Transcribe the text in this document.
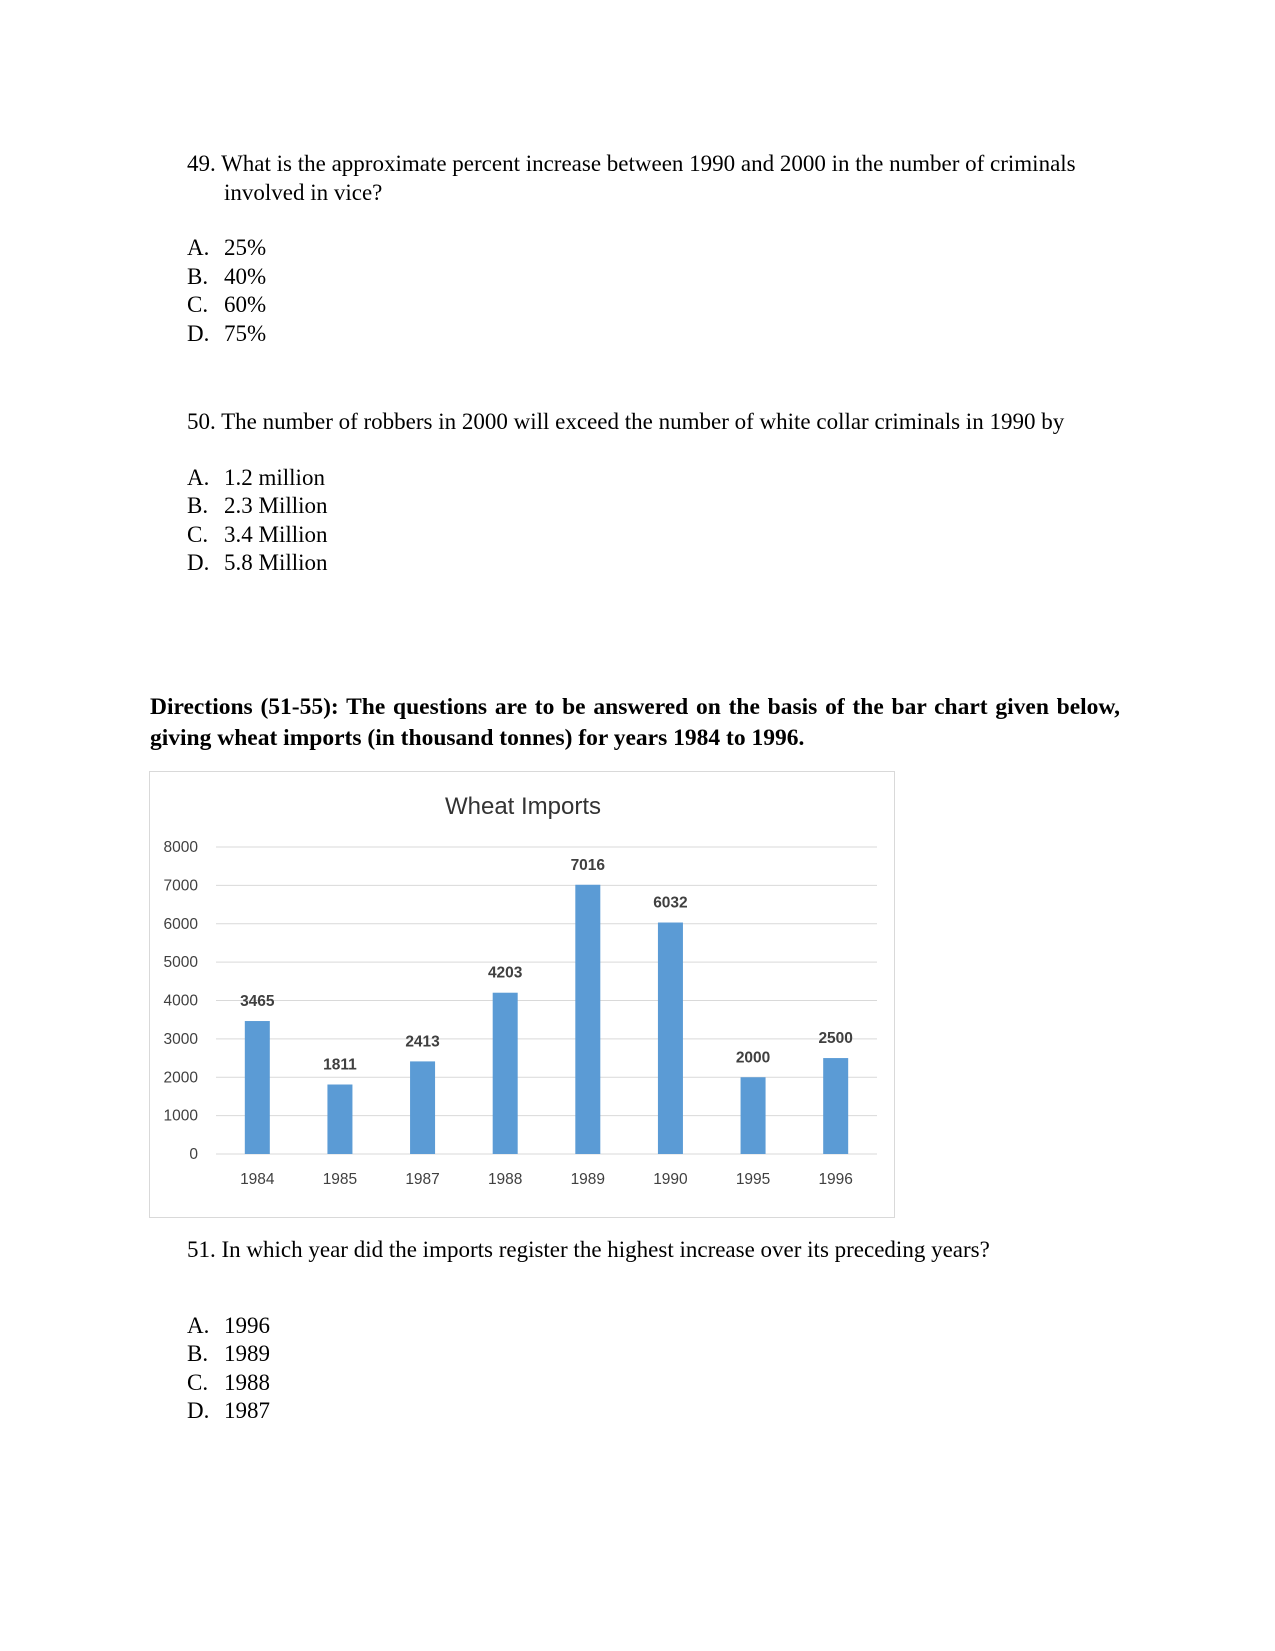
49. What is the approximate percent increase between 1990 and 2000 in the number of criminals involved in vice?
A. 25%
B. 40%
C. 60%
D. 75%
50. The number of robbers in 2000 will exceed the number of white collar criminals in 1990 by
A. 1.2 million
B. 2.3 Million
C. 3.4 Million
D. 5.8 Million
Directions (51-55): The questions are to be answered on the basis of the bar chart given below, giving wheat imports (in thousand tonnes) for years 1984 to 1996.
Wheat Imports
0
1000
2000
3000
4000
5000
6000
7000
8000
3465
1811
2413
4203
7016
6032
2000
2500
1984	1985	1987	1988	1989	1990	1995	1996
51. In which year did the imports register the highest increase over its preceding years?
A. 1996
B. 1989
C. 1988
D. 1987
